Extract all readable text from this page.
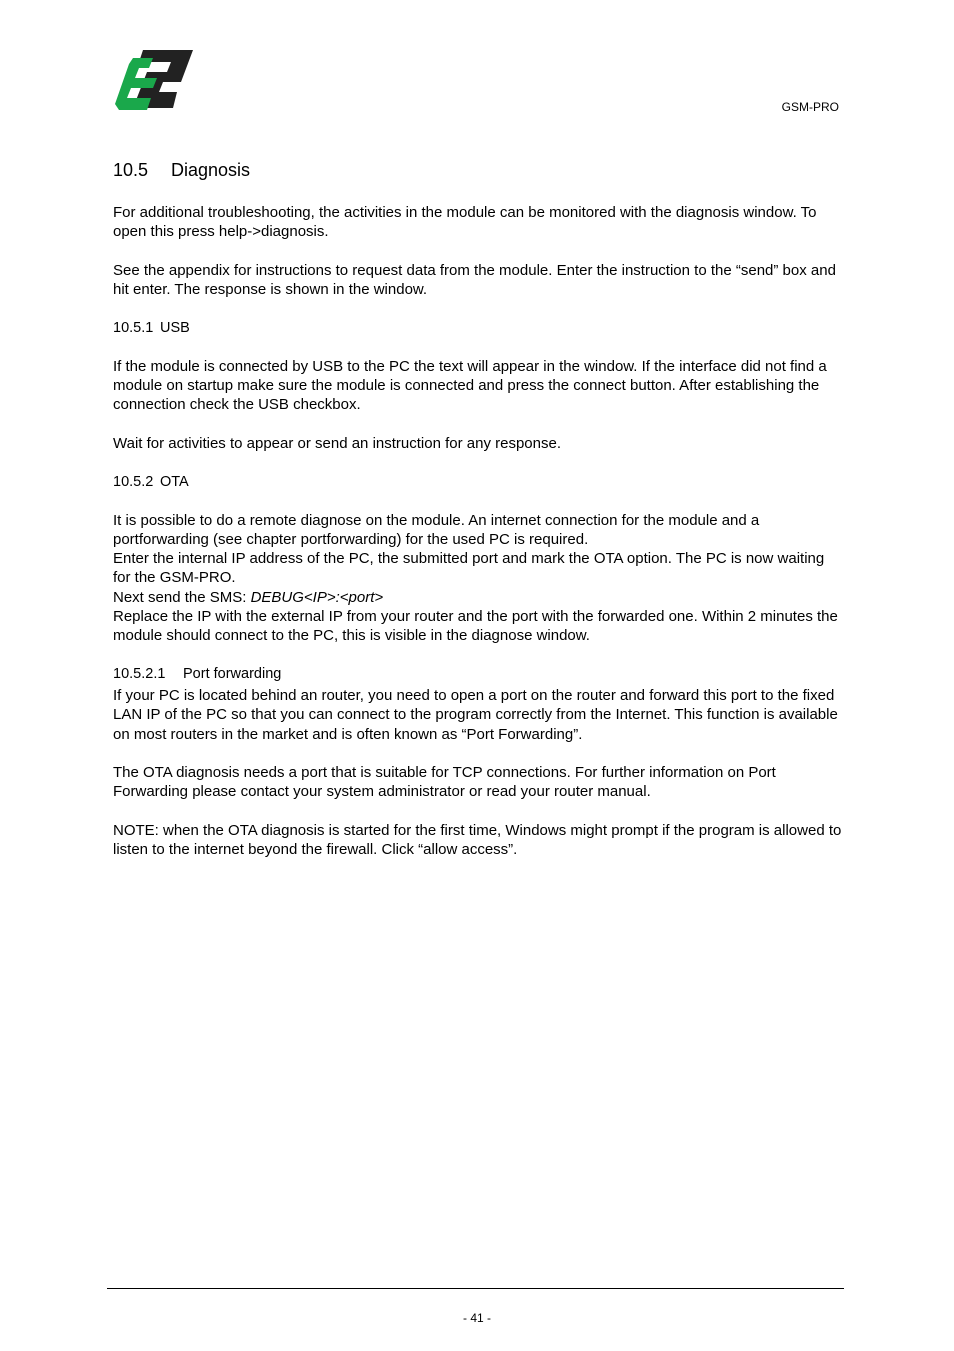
GSM-PRO
10.5 Diagnosis

For additional troubleshooting, the activities in the module can be monitored with the diagnosis window. To open this press help->diagnosis.

See the appendix for instructions to request data from the module. Enter the instruction to the “send” box and hit enter. The response is shown in the window.

10.5.1 USB

If the module is connected by USB to the PC the text will appear in the window. If the interface did not find a module on startup make sure the module is connected and press the connect button. After establishing the connection check the USB checkbox.

Wait for activities to appear or send an instruction for any response.

10.5.2 OTA

It is possible to do a remote diagnose on the module. An internet connection for the module and a portforwarding (see chapter portforwarding) for the used PC is required.
Enter the internal IP address of the PC, the submitted port and mark the OTA option. The PC is now waiting for the GSM-PRO.
Next send the SMS: DEBUG<IP>:<port>
Replace the IP with the external IP from your router and the port with the forwarded one. Within 2 minutes the module should connect to the PC, this is visible in the diagnose window.

10.5.2.1 Port forwarding

If your PC is located behind an router, you need to open a port on the router and forward this port to the fixed LAN IP of the PC so that you can connect to the program correctly from the Internet. This function is available on most routers in the market and is often known as “Port Forwarding”.

The OTA diagnosis needs a port that is suitable for TCP connections. For further information on Port Forwarding please contact your system administrator or read your router manual.

NOTE: when the OTA diagnosis is started for the first time, Windows might prompt if the program is allowed to listen to the internet beyond the firewall. Click “allow access”.

- 41 -
